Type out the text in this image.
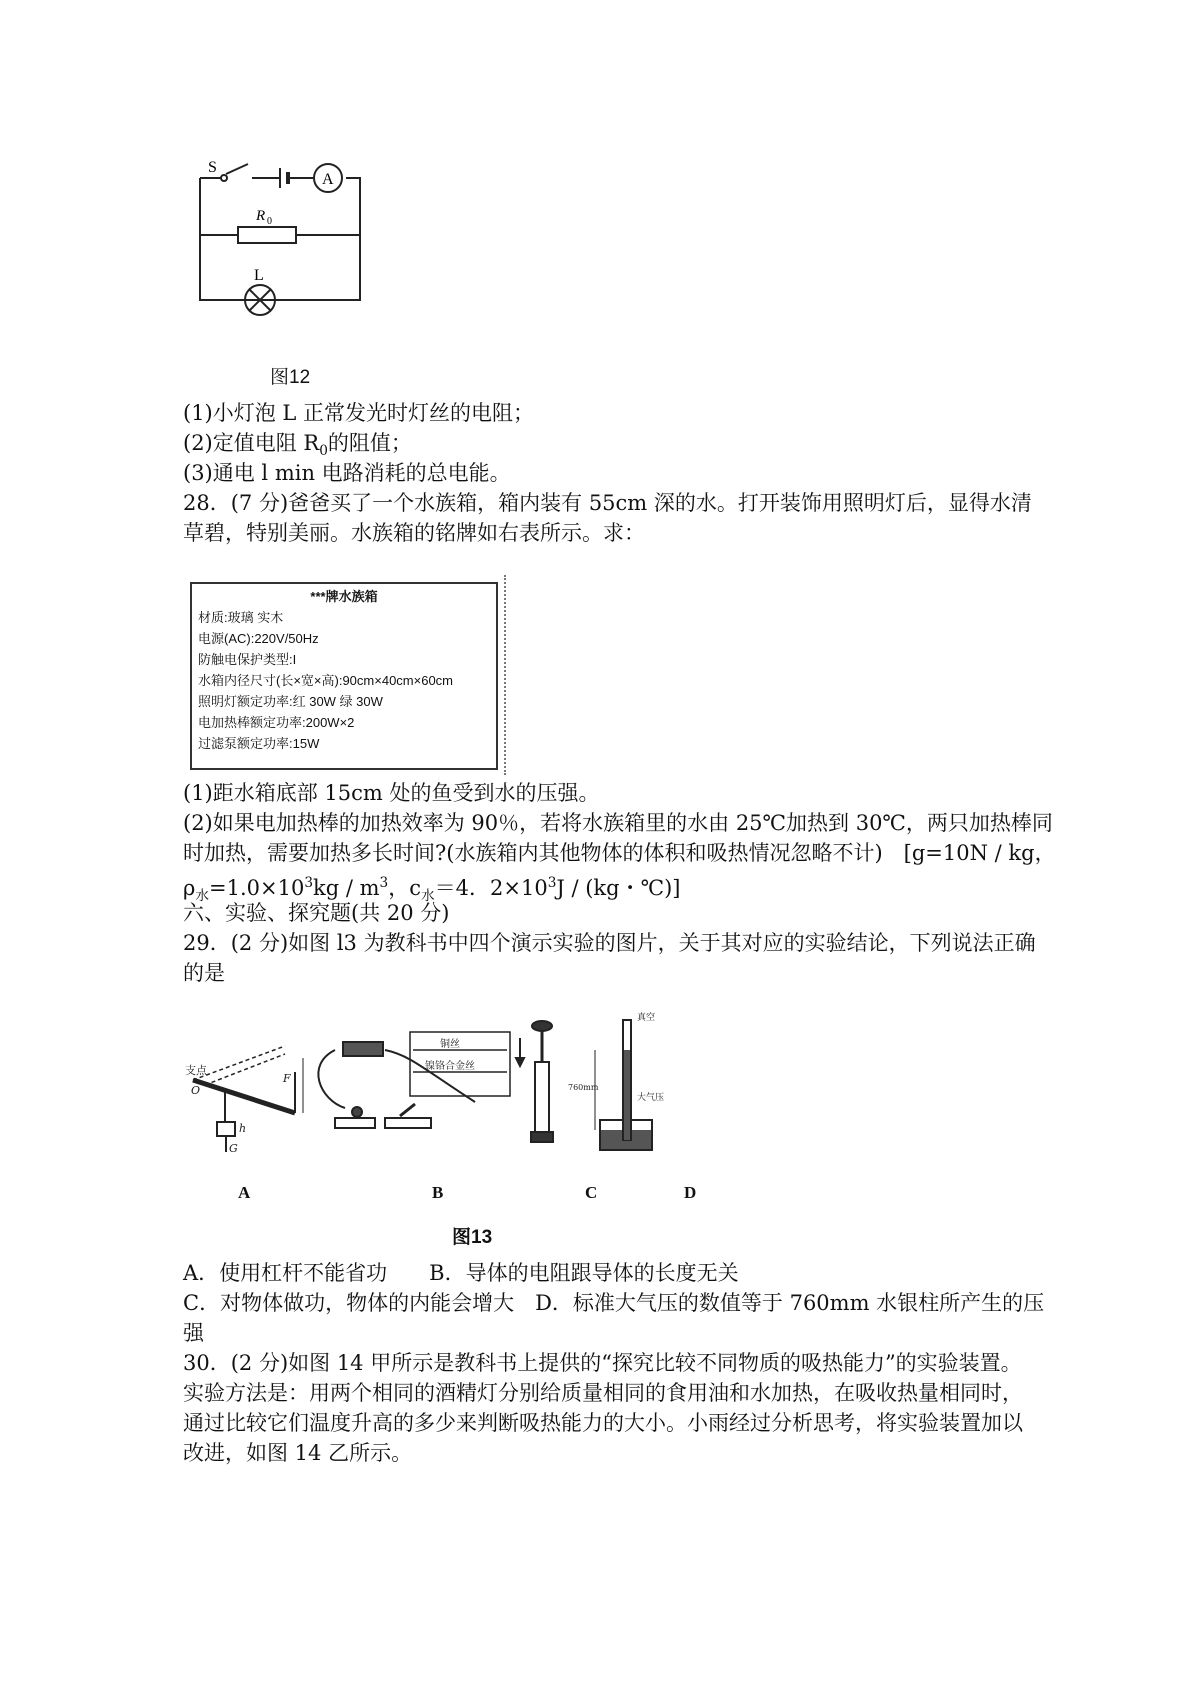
S
A
R 0
L
图12
(1)小灯泡 L 正常发光时灯丝的电阻；
(2)定值电阻 $R_0$的阻值；
(3)通电 l min 电路消耗的总电能。
28．(7 分)爸爸买了一个水族箱，箱内装有 55cm 深的水。打开装饰用照明灯后，显得水清
草碧，特别美丽。水族箱的铭牌如右表所示。求：
***牌水族箱
材质:玻璃 实木
电源(AC):220V/50Hz
防触电保护类型:I
水箱内径尺寸(长×宽×高):90cm×40cm×60cm
照明灯额定功率:红 30W 绿 30W
电加热棒额定功率:200W×2
过滤泵额定功率:15W
(1)距水箱底部 15cm 处的鱼受到水的压强。
(2)如果电加热棒的加热效率为 90％，若将水族箱里的水由 25℃加热到 30℃，两只加热棒同
时加热，需要加热多长时间?(水族箱内其他物体的体积和吸热情况忽略不计)　[g=10N / kg，
$\rho_水=1.0\times 10^3kg / m^3$，$c_水=4$．$2\times 10^3J / (kg$・℃)]
六、实验、探究题(共 20 分)
29．(2 分)如图 l3 为教科书中四个演示实验的图片，关于其对应的实验结论，下列说法正确
的是
支点
O
F
G
h
铜丝
镍铬合金丝
真空
760mm
大气压
A	B	C	D
图13
A．使用杠杆不能省功　　B．导体的电阻跟导体的长度无关
C．对物体做功，物体的内能会增大　D．标准大气压的数值等于 760mm 水银柱所产生的压
强
30．(2 分)如图 14 甲所示是教科书上提供的“探究比较不同物质的吸热能力”的实验装置。
实验方法是：用两个相同的酒精灯分别给质量相同的食用油和水加热，在吸收热量相同时，
通过比较它们温度升高的多少来判断吸热能力的大小。小雨经过分析思考，将实验装置加以
改进，如图 14 乙所示。
